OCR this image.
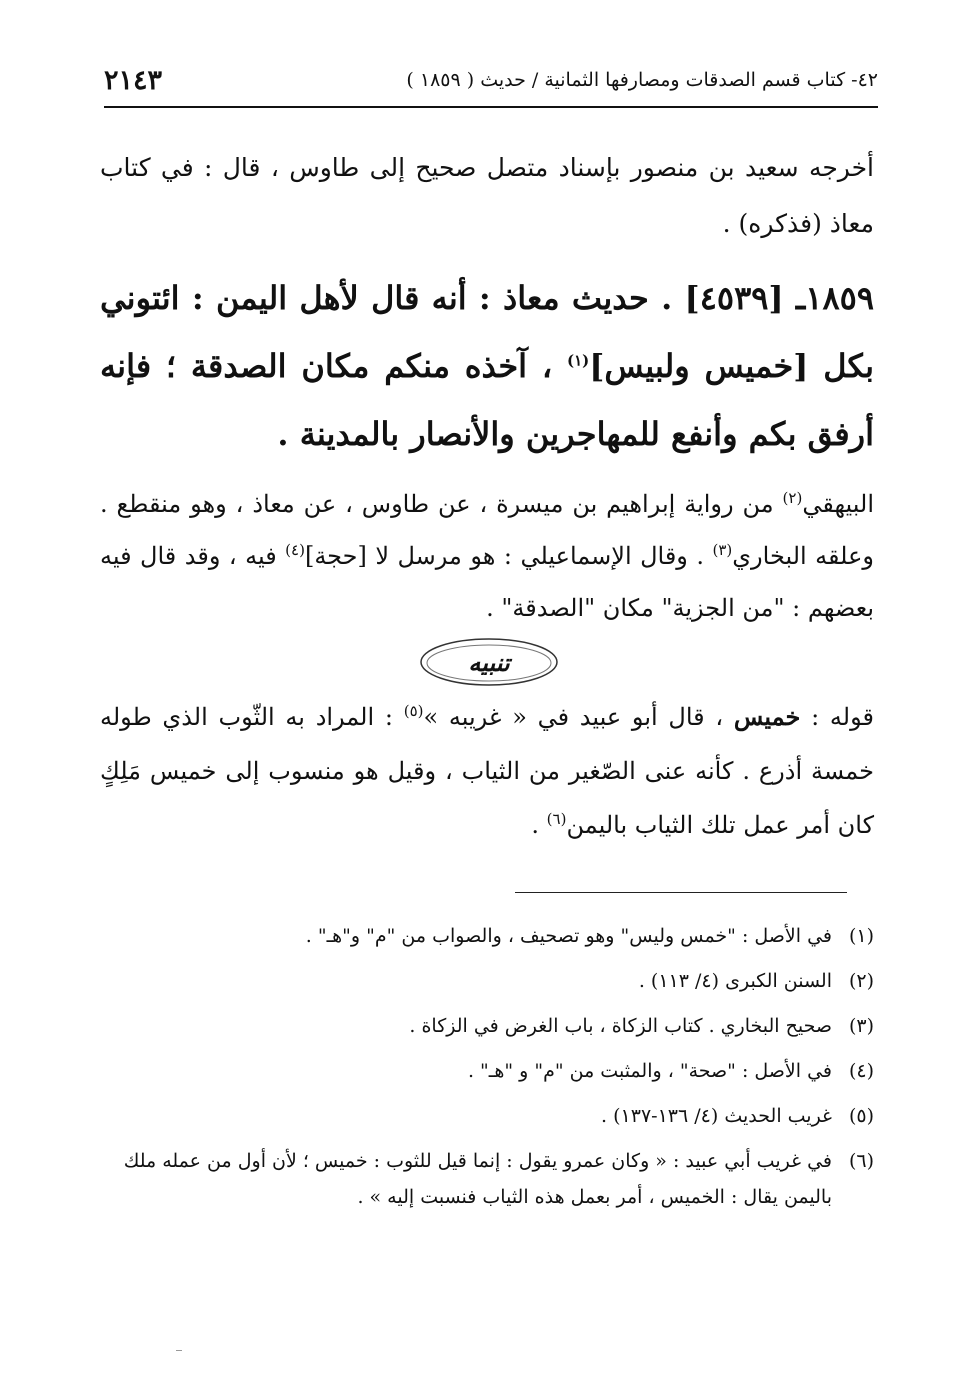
٤٢- كتاب قسم الصدقات ومصارفها الثمانية / حديث ( ١٨٥٩ )
٢١٤٣

أخرجه سعيد بن منصور بإسناد متصل صحيح إلى طاوس ، قال : في كتاب معاذ (فذكره) .

١٨٥٩ـ [٤٥٣٩] . حديث معاذ : أنه قال لأهل اليمن : ائتوني بكل [خميس ولبيس]$^{(١)}$ ، آخذه منكم مكان الصدقة ؛ فإنه أرفق بكم وأنفع للمهاجرين والأنصار بالمدينة .

البيهقي$^{(٢)}$ من رواية إبراهيم بن ميسرة ، عن طاوس ، عن معاذ ، وهو منقطع . وعلقه البخاري$^{(٣)}$ . وقال الإسماعيلي : هو مرسل لا [حجة]$^{(٤)}$ فيه ، وقد قال فيه بعضهم : "من الجزية" مكان "الصدقة" .

تنبيه

قوله : خميس ، قال أبو عبيد في « غريبه »$^{(٥)}$ : المراد به الثّوب الذي طوله خمسة أذرع . كأنه عنى الصّغير من الثياب ، وقيل هو منسوب إلى خميس مَلِكٍ كان أمر عمل تلك الثياب باليمن$^{(٦)}$ .

(١)
في الأصل : "خمس وليس" وهو تصحيف ، والصواب من "م" و"هـ" .
(٢)
السنن الكبرى (٤/ ١١٣) .
(٣)
صحيح البخاري . كتاب الزكاة ، باب الغرض في الزكاة .
(٤)
في الأصل : "صحة" ، والمثبت من "م" و "هـ" .
(٥)
غريب الحديث (٤/ ١٣٦-١٣٧) .
(٦)
في غريب أبي عبيد : « وكان عمرو يقول : إنما قيل للثوب : خميس ؛ لأن أول من عمله ملك باليمن يقال : الخميس ، أمر بعمل هذه الثياب فنسبت إليه » .
